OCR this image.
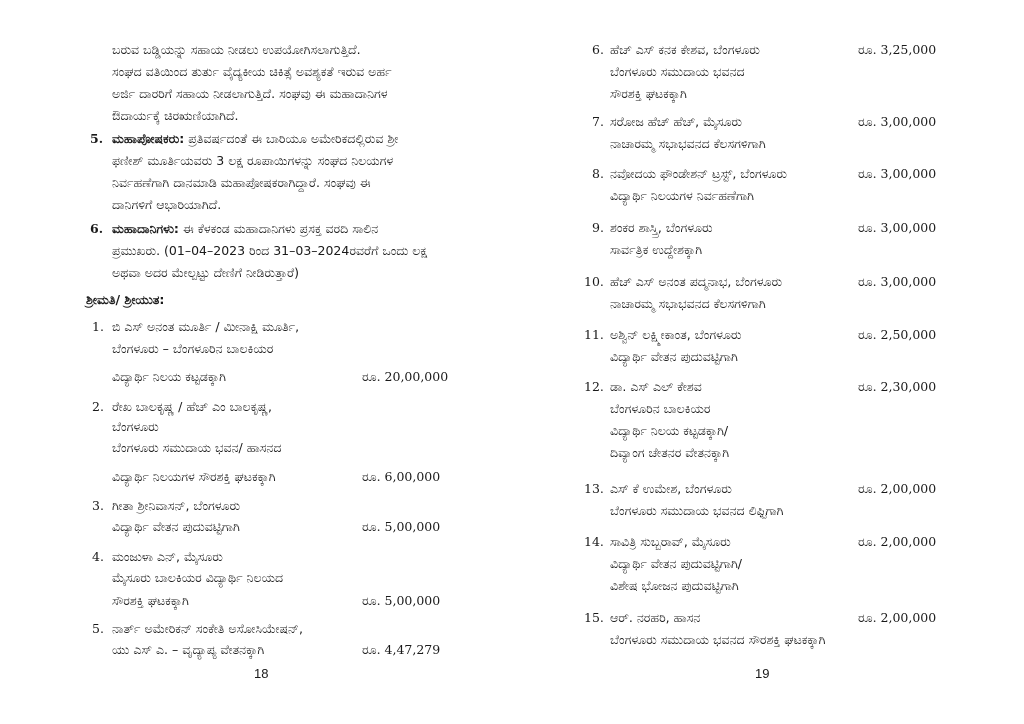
ಬರುವ ಬಡ್ಡಿಯನ್ನು ಸಹಾಯ ನೀಡಲು ಉಪಯೋಗಿಸಲಾಗುತ್ತಿದೆ.
ಸಂಘದ ವತಿಯಿಂದ ತುರ್ತು ವೈದ್ಯಕೀಯ ಚಿಕಿತ್ಸೆ ಅವಶ್ಯಕತೆ ಇರುವ ಅರ್ಹ
ಅರ್ಜಿ ದಾರರಿಗೆ ಸಹಾಯ ನೀಡಲಾಗುತ್ತಿದೆ. ಸಂಘವು ಈ ಮಹಾದಾನಿಗಳ
ಔದಾರ್ಯಕ್ಕೆ ಚಿರಋಣಿಯಾಗಿದೆ.
5. ಮಹಾಪೋಷಕರು: ಪ್ರತಿವರ್ಷದಂತೆ ಈ ಬಾರಿಯೂ ಅಮೇರಿಕದಲ್ಲಿರುವ ಶ್ರೀ
ಫಣೀಶ್ ಮೂರ್ತಿಯವರು 3 ಲಕ್ಷ ರೂಪಾಯಿಗಳನ್ನು ಸಂಘದ ನಿಲಯಗಳ
ನಿರ್ವಹಣೆಗಾಗಿ ದಾನಮಾಡಿ ಮಹಾಪೋಷಕರಾಗಿದ್ದಾರೆ. ಸಂಘವು ಈ
ದಾನಿಗಳಿಗೆ ಆಭಾರಿಯಾಗಿದೆ.
6. ಮಹಾದಾನಿಗಳು: ಈ ಕೆಳಕಂಡ ಮಹಾದಾನಿಗಳು ಪ್ರಸಕ್ತ ವರದಿ ಸಾಲಿನ
ಪ್ರಮುಖರು. (01–04–2023 ರಿಂದ 31–03–2024ರವರೆಗೆ ಒಂದು ಲಕ್ಷ
ಅಥವಾ ಅದರ ಮೇಲ್ಪಟ್ಟು ದೇಣಿಗೆ ನೀಡಿರುತ್ತಾರೆ)
ಶ್ರೀಮತಿ/ ಶ್ರೀಯುತ:
1. ಬಿ ಎಸ್ ಅನಂತ ಮೂರ್ತಿ / ಮೀನಾಕ್ಷಿ ಮೂರ್ತಿ,
ಬೆಂಗಳೂರು – ಬೆಂಗಳೂರಿನ ಬಾಲಕಿಯರ
ವಿದ್ಯಾರ್ಥಿ ನಿಲಯ ಕಟ್ಟಡಕ್ಕಾಗಿ	ರೂ. 20,00,000
2. ರೇಖ ಬಾಲಕೃಷ್ಣ / ಹೆಚ್ ಎಂ ಬಾಲಕೃಷ್ಣ,
ಬೆಂಗಳೂರು
ಬೆಂಗಳೂರು ಸಮುದಾಯ ಭವನ/ ಹಾಸನದ
ವಿದ್ಯಾರ್ಥಿ ನಿಲಯಗಳ ಸೌರಶಕ್ತಿ ಘಟಕಕ್ಕಾಗಿ	ರೂ. 6,00,000
3. ಗೀತಾ ಶ್ರೀನಿವಾಸನ್, ಬೆಂಗಳೂರು
ವಿದ್ಯಾರ್ಥಿ ವೇತನ ಪುದುವಟ್ಟಿಗಾಗಿ	ರೂ. 5,00,000
4. ಮಂಜುಳಾ ಎನ್, ಮೈಸೂರು
ಮೈಸೂರು ಬಾಲಕಿಯರ ವಿದ್ಯಾರ್ಥಿ ನಿಲಯದ
ಸೌರಶಕ್ತಿ ಘಟಕಕ್ಕಾಗಿ	ರೂ. 5,00,000
5. ನಾರ್ತ್ ಅಮೇರಿಕನ್ ಸಂಕೇತಿ ಅಸೋಸಿಯೇಷನ್,
ಯು ಎಸ್ ಎ. – ವೃದ್ಯಾಪ್ಯ ವೇತನಕ್ಕಾಗಿ	ರೂ. 4,47,279
18
6. ಹೆಚ್ ಎಸ್ ಕನಕ ಕೇಶವ, ಬೆಂಗಳೂರು
ಬೆಂಗಳೂರು ಸಮುದಾಯ ಭವನದ
ಸೌರಶಕ್ತಿ ಘಟಕಕ್ಕಾಗಿ
ರೂ. 3,25,000
7. ಸರೋಜ ಹೆಚ್ ಹೆಚ್, ಮೈಸೂರು
ನಾಚಾರಮ್ಮ ಸಭಾಭವನದ ಕೆಲಸಗಳಿಗಾಗಿ
ರೂ. 3,00,000
8. ನವೋದಯ ಫೌಂಡೇಶನ್ ಟ್ರಸ್ಟ್, ಬೆಂಗಳೂರು
ವಿದ್ಯಾರ್ಥಿ ನಿಲಯಗಳ ನಿರ್ವಹಣೆಗಾಗಿ
ರೂ. 3,00,000
9. ಶಂಕರ ಶಾಸ್ತ್ರಿ, ಬೆಂಗಳೂರು
ಸಾರ್ವತ್ರಿಕ ಉದ್ದೇಶಕ್ಕಾಗಿ
ರೂ. 3,00,000
10. ಹೆಚ್ ಎಸ್ ಅನಂತ ಪದ್ಮನಾಭ, ಬೆಂಗಳೂರು
ನಾಚಾರಮ್ಮ ಸಭಾಭವನದ ಕೆಲಸಗಳಿಗಾಗಿ
ರೂ. 3,00,000
11. ಅಶ್ವಿನ್ ಲಕ್ಷ್ಮೀಕಾಂತ, ಬೆಂಗಳೂರು
ವಿದ್ಯಾರ್ಥಿ ವೇತನ ಪುದುವಟ್ಟಿಗಾಗಿ
ರೂ. 2,50,000
12. ಡಾ. ಎಸ್ ಎಲ್ ಕೇಶವ
ಬೆಂಗಳೂರಿನ ಬಾಲಕಿಯರ
ವಿದ್ಯಾರ್ಥಿ ನಿಲಯ ಕಟ್ಟಡಕ್ಕಾಗಿ/
ದಿವ್ಯಾಂಗ ಚೇತನರ ವೇತನಕ್ಕಾಗಿ
ರೂ. 2,30,000
13. ಎಸ್ ಕೆ ಉಮೇಶ, ಬೆಂಗಳೂರು
ಬೆಂಗಳೂರು ಸಮುದಾಯ ಭವನದ ಲಿಫ್ಟಿಗಾಗಿ
ರೂ. 2,00,000
14. ಸಾವಿತ್ರಿ ಸುಬ್ಬರಾವ್, ಮೈಸೂರು
ವಿದ್ಯಾರ್ಥಿ ವೇತನ ಪುದುವಟ್ಟಿಗಾಗಿ/
ವಿಶೇಷ ಭೋಜನ ಪುದುವಟ್ಟಿಗಾಗಿ
ರೂ. 2,00,000
15. ಆರ್. ನರಹರಿ, ಹಾಸನ
ಬೆಂಗಳೂರು ಸಮುದಾಯ ಭವನದ ಸೌರಶಕ್ತಿ ಘಟಕಕ್ಕಾಗಿ
ರೂ. 2,00,000
19
